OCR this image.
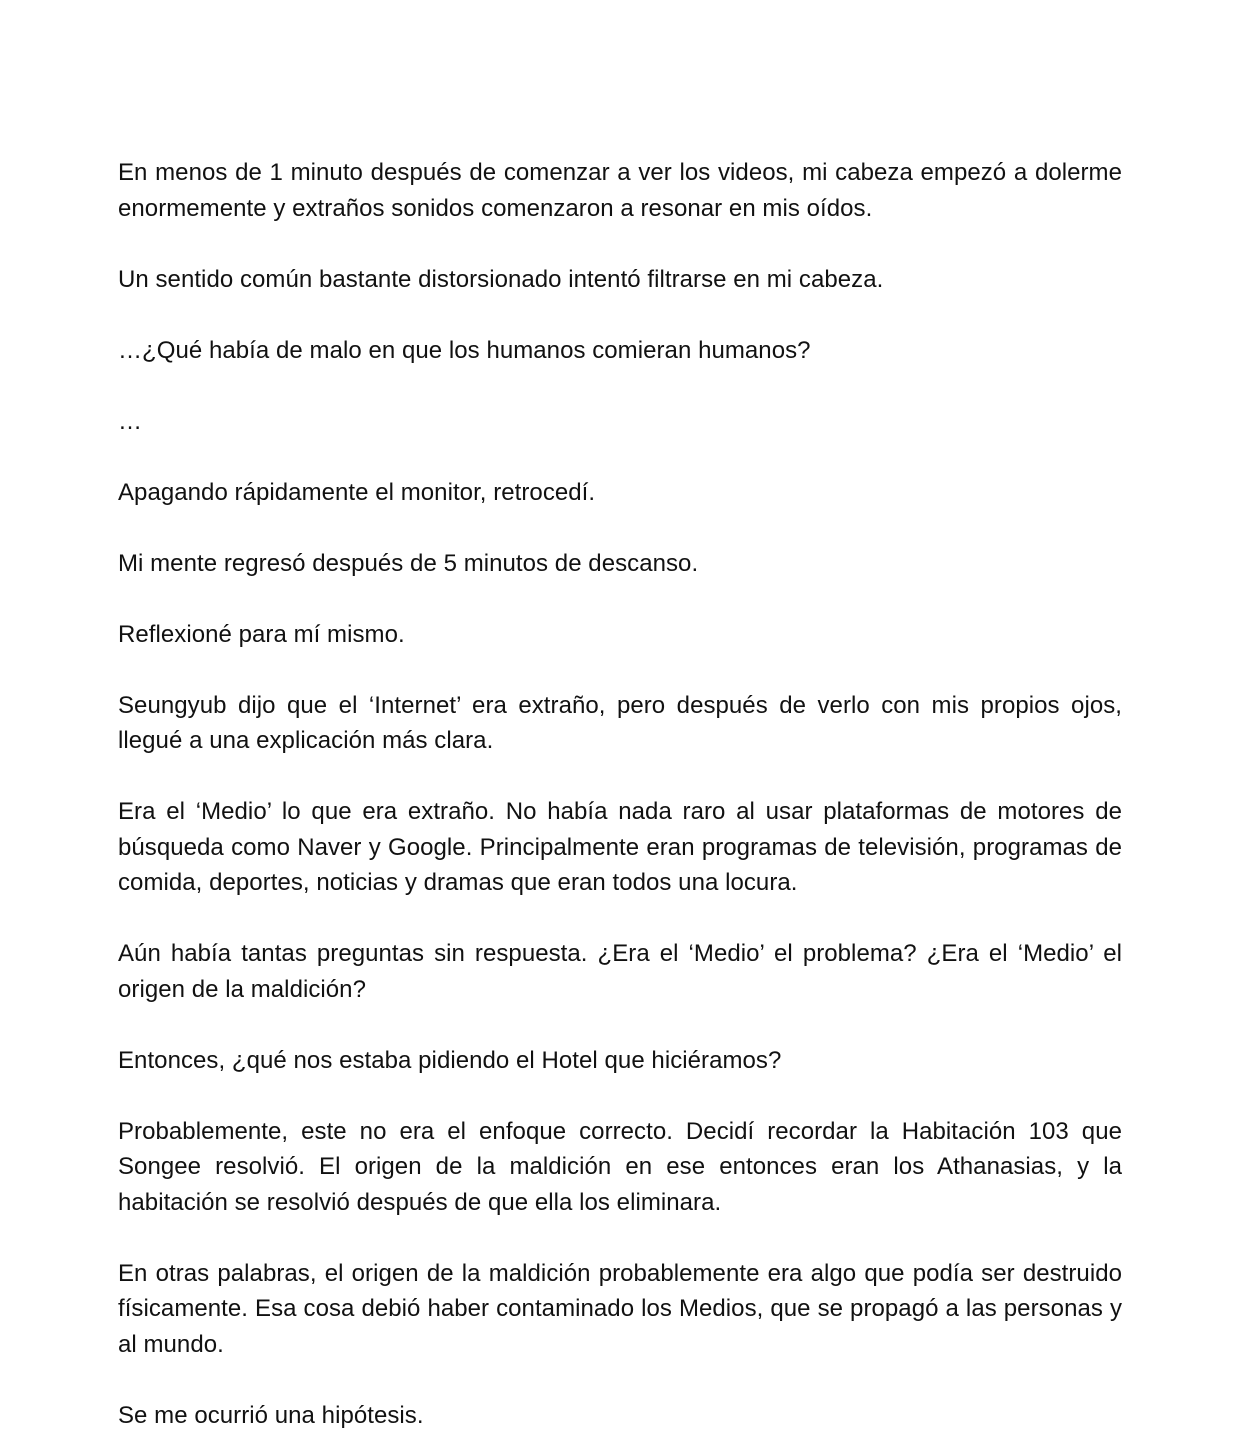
En menos de 1 minuto después de comenzar a ver los videos, mi cabeza empezó a dolerme enormemente y extraños sonidos comenzaron a resonar en mis oídos.

Un sentido común bastante distorsionado intentó filtrarse en mi cabeza.

…¿Qué había de malo en que los humanos comieran humanos?

…

Apagando rápidamente el monitor, retrocedí.

Mi mente regresó después de 5 minutos de descanso.

Reflexioné para mí mismo.

Seungyub dijo que el ‘Internet’ era extraño, pero después de verlo con mis propios ojos, llegué a una explicación más clara.

Era el ‘Medio’ lo que era extraño. No había nada raro al usar plataformas de motores de búsqueda como Naver y Google. Principalmente eran programas de televisión, programas de comida, deportes, noticias y dramas que eran todos una locura.

Aún había tantas preguntas sin respuesta. ¿Era el ‘Medio’ el problema? ¿Era el ‘Medio’ el origen de la maldición?

Entonces, ¿qué nos estaba pidiendo el Hotel que hiciéramos?

Probablemente, este no era el enfoque correcto. Decidí recordar la Habitación 103 que Songee resolvió. El origen de la maldición en ese entonces eran los Athanasias, y la habitación se resolvió después de que ella los eliminara.

En otras palabras, el origen de la maldición probablemente era algo que podía ser destruido físicamente. Esa cosa debió haber contaminado los Medios, que se propagó a las personas y al mundo.

Se me ocurrió una hipótesis.
